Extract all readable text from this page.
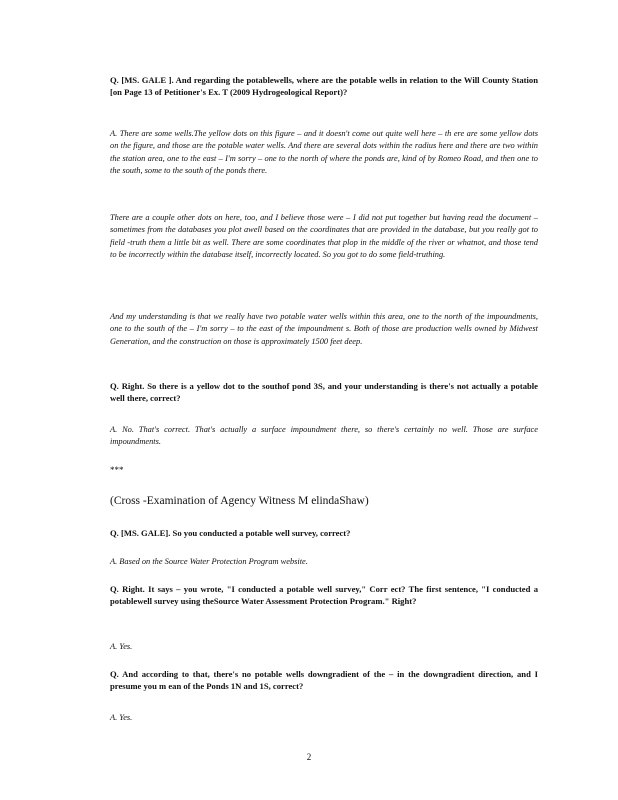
Q. [MS. GALE ]. And regarding the potablewells, where are the potable wells in relation to the Will County Station [on Page 13 of Petitioner's Ex. T (2009 Hydrogeological Report)?

A. There are some wells.The yellow dots on this figure – and it doesn't come out quite well here – th ere are some yellow dots on the figure, and those are the potable water wells. And there are several dots within the radius here and there are two within the station area, one to the east – I'm sorry – one to the north of where the ponds are, kind of by Romeo Road, and then one to the south, some to the south of the ponds there.

There are a couple other dots on here, too, and I believe those were – I did not put together but having read the document – sometimes from the databases you plot awell based on the coordinates that are provided in the database, but you really got to field -truth them a little bit as well. There are some coordinates that plop in the middle of the river or whatnot, and those tend to be incorrectly within the database itself, incorrectly located. So you got to do some field-truthing.

And my understanding is that we really have two potable water wells within this area, one to the north of the impoundments, one to the south of the – I'm sorry – to the east of the impoundment s. Both of those are production wells owned by Midwest Generation, and the construction on those is approximately 1500 feet deep.

Q. Right. So there is a yellow dot to the southof pond 3S, and your understanding is there's not actually a potable well there, correct?

A. No. That's correct. That's actually a surface impoundment there, so there's certainly no well. Those are surface impoundments.

***

(Cross -Examination of Agency Witness M elindaShaw)

Q. [MS. GALE]. So you conducted a potable well survey, correct?

A. Based on the Source Water Protection Program website.

Q. Right. It says – you wrote, "I conducted a potable well survey," Corr ect? The first sentence, "I conducted a potablewell survey using theSource Water Assessment Protection Program." Right?

A. Yes.

Q. And according to that, there's no potable wells downgradient of the – in the downgradient direction, and I presume you m ean of the Ponds 1N and 1S, correct?

A. Yes.

2
